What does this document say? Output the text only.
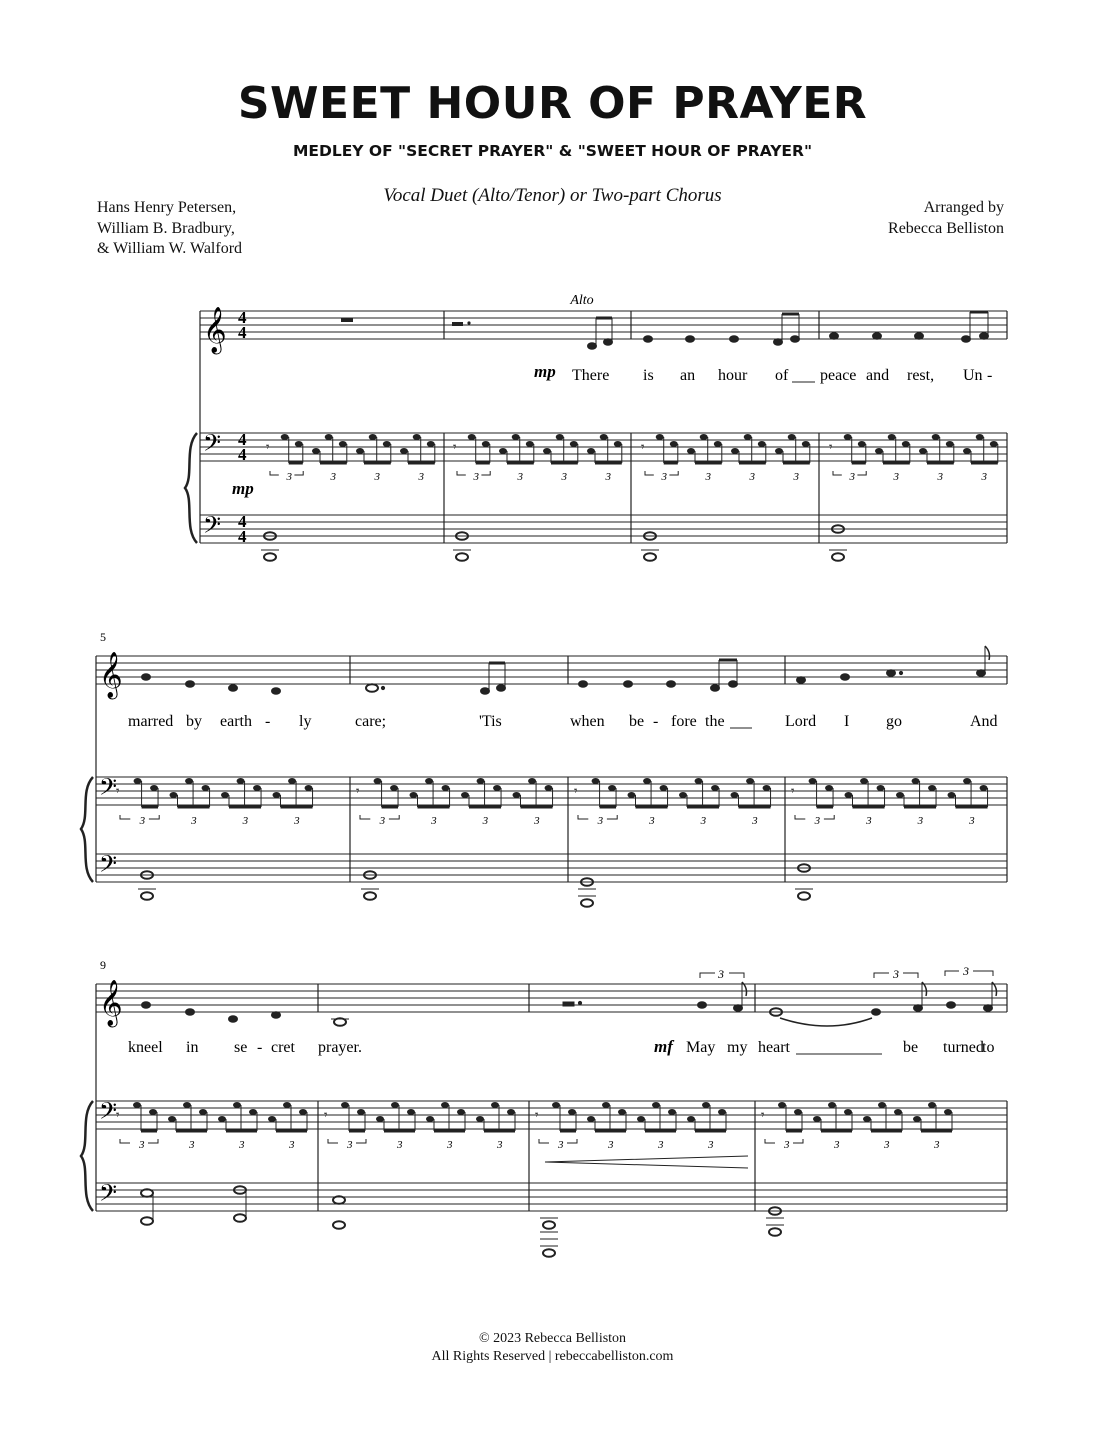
SWEET HOUR OF PRAYER
MEDLEY OF "SECRET PRAYER" & "SWEET HOUR OF PRAYER"
Vocal Duet (Alto/Tenor) or Two-part Chorus
Hans Henry Petersen,
William B. Bradbury,
& William W. Walford
Arranged by
Rebecca Belliston
Alto
𝄞
𝄢
𝄢
4
4
4
4
4
4
mp
mp
There is an hour of peace and rest, Un -
𝄾
3	3	3	3
𝄾
3	3	3	3
𝄾
3	3	3	3
𝄾
3	3	3	3
5
𝄞
𝄢
𝄢
marred by earth - ly	care;	'Tis	when be - fore the	Lord I go	And
𝄾
3	3	3	3
𝄾
3	3	3	3
𝄾
3	3	3	3
𝄾
3	3	3	3
9
𝄞
𝄢
𝄢
3	3	3
mf
kneel in se - cret prayer.	May my heart	be turned
to
𝄾
3	3	3	3
𝄾
3	3	3	3
𝄾
3	3	3	3
𝄾
3	3	3	3
© 2023 Rebecca Belliston
All Rights Reserved | rebeccabelliston.com
